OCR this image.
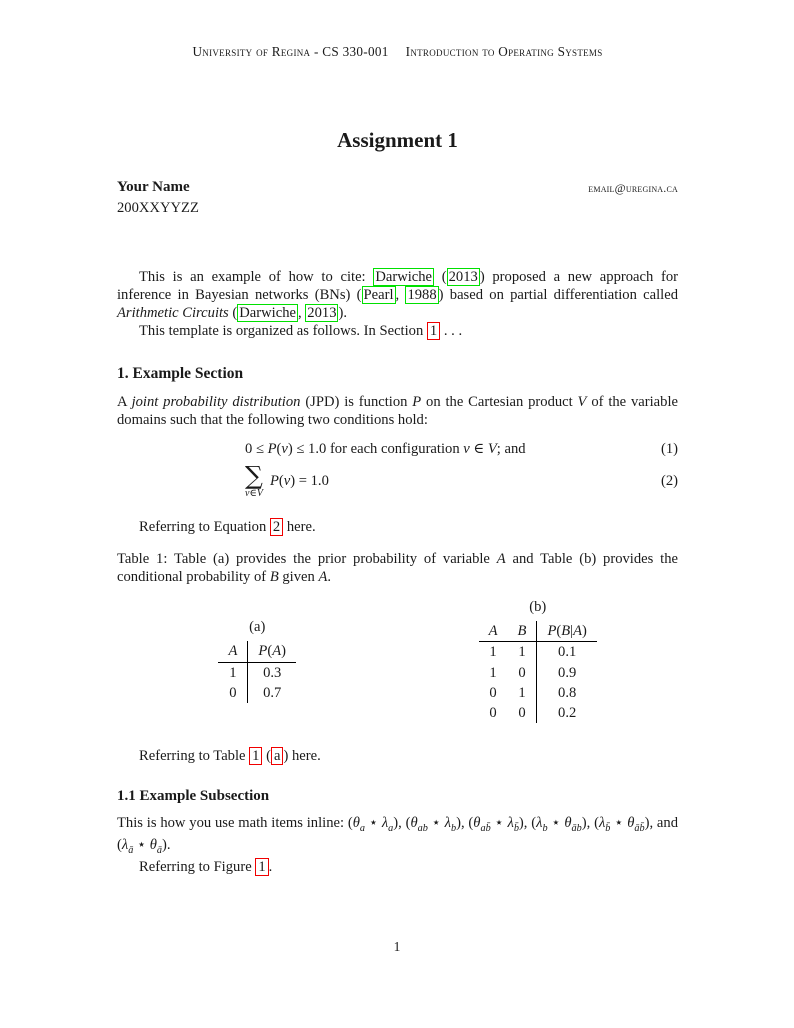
University of Regina - CS 330-001 Introduction to Operating Systems
Assignment 1
Your Name
200XXYYZZ
email@uregina.ca

This is an example of how to cite: Darwiche ( 2013 ) proposed a new approach for inference in Bayesian networks (BNs) ( Pearl , 1988 ) based on partial differentiation called Arithmetic Circuits ( Darwiche , 2013 ).

This template is organized as follows. In Section 1 . . .

1. Example Section

A joint probability distribution (JPD) is function P on the Cartesian product V of the variable domains such that the following two conditions hold:

0 ≤ P(v) ≤ 1.0 for each configuration v ∈ V; and	(1)
∑
v∈V
P(v) = 1.0	(2)

Referring to Equation 2 here.

Table 1: Table (a) provides the prior probability of variable A and Table (b) provides the conditional probability of B given A.

(a)
A	P(A)
1	0.3
0	0.7
(b)
A	B	P(B|A)
1	1	0.1
1	0	0.9
0	1	0.8
0	0	0.2

Referring to Table 1 ( a ) here.

1.1 Example Subsection

This is how you use math items inline: ($\theta_a$ ⋆ $\lambda_a$), ($\theta_{ab}$ ⋆ $\lambda_b$), ($\theta_{ab̄}$ ⋆ $\lambda_{b̄}$), ($\lambda_b$ ⋆ $\theta_{āb}$), ($\lambda_{b̄}$ ⋆ $\theta_{āb̄}$), and ($\lambda_ā$ ⋆ $\theta_ā$).

Referring to Figure 1 .

1
